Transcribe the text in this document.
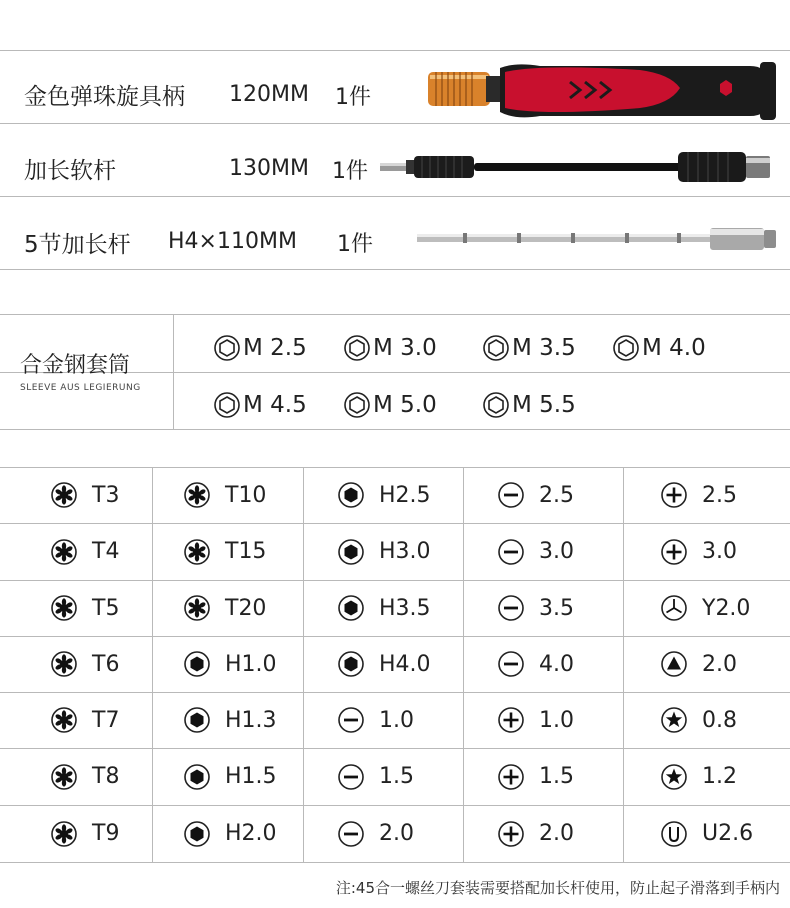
金色弹珠旋具柄 120MM 1件
加长软杆	130MM 1件
5节加长杆 H4×110MM 1件
合金钢套筒
SLEEVE AUS LEGIERUNG
M 2.5	M 3.0	M 3.5	M 4.0
M 4.5	M 5.0	M 5.5
T3	T10	H2.5	2.5	2.5
T4	T15	H3.0	3.0	3.0
T5	T20	H3.5	3.5	Y2.0
T6	H1.0	H4.0	4.0	2.0
T7	H1.3	1.0	1.0	0.8
T8	H1.5	1.5	1.5	1.2
T9	H2.0	2.0	2.0	U2.6
注:45合一螺丝刀套装需要搭配加长杆使用，防止起子滑落到手柄内
